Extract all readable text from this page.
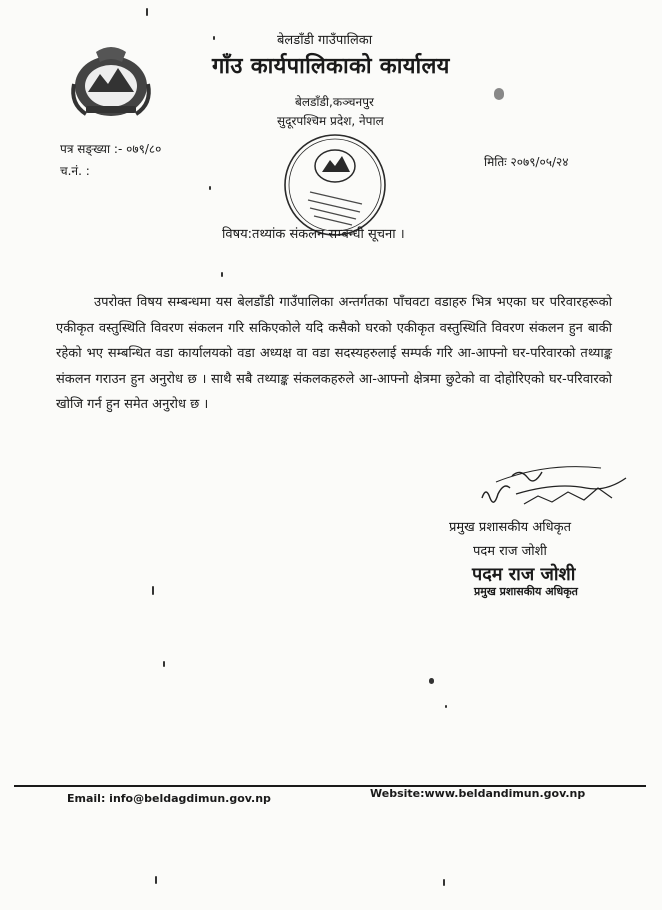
बेलडाँडी गाउँपालिका
गाँउ कार्यपालिकाको कार्यालय
बेलडाँडी,कञ्चनपुर
सुदूरपश्चिम प्रदेश, नेपाल
पत्र सङ्ख्या :- ०७९/८०
च.नं. :
मितिः २०७९/०५/२४
विषय:तथ्यांक संकलन सम्बन्धी सूचना ।
उपरोक्त विषय सम्बन्धमा यस बेलडाँडी गाउँपालिका अन्तर्गतका पाँचवटा वडाहरु भित्र भएका घर परिवारहरूको एकीकृत वस्तुस्थिति विवरण संकलन गरि सकिएकोले यदि कसैको घरको एकीकृत वस्तुस्थिति विवरण संकलन हुन बाकी रहेको भए सम्बन्धित वडा कार्यालयको वडा अध्यक्ष वा वडा सदस्यहरुलाई सम्पर्क गरि आ-आफ्नो घर-परिवारको तथ्याङ्क संकलन गराउन हुन अनुरोध छ । साथै सबै तथ्याङ्क संकलकहरुले आ-आफ्नो क्षेत्रमा छुटेको वा दोहोरिएको घर-परिवारको खोजि गर्न हुन समेत अनुरोध छ ।
प्रमुख प्रशासकीय अधिकृत
पदम राज जोशी
पदम राज जोशी
प्रमुख प्रशासकीय अधिकृत
Email: info@beldagdimun.gov.np	Website:www.beldandimun.gov.np
